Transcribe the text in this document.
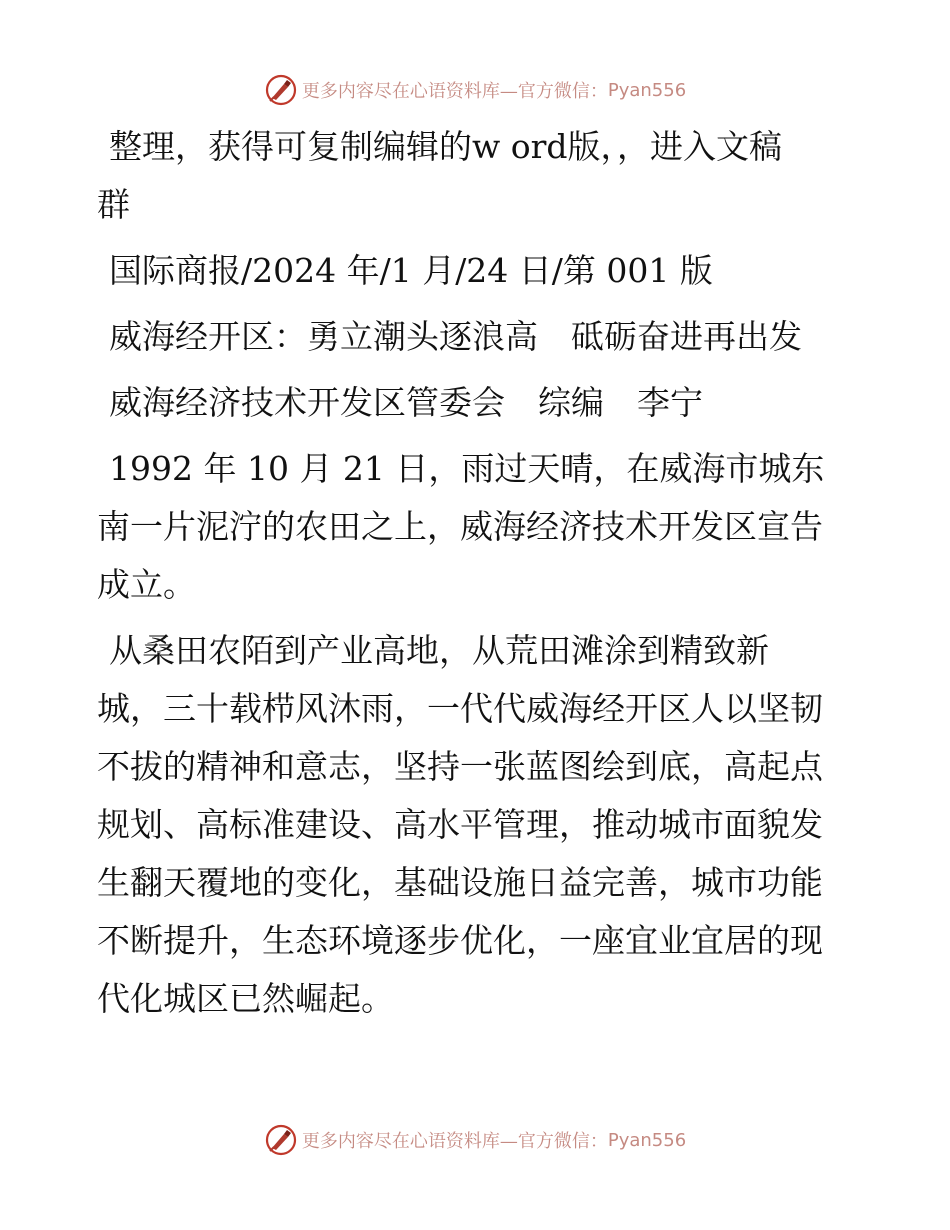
更多内容尽在心语资料库—官方微信： Pyan556

整理，获得可复制编辑的w ord版，，进入文稿
群

国际商报/2024 年/1 月/24 日/第 001 版

威海经开区：勇立潮头逐浪高　砥砺奋进再出发

威海经济技术开发区管委会　综编　李宁

1992 年 10 月 21 日，雨过天晴，在威海市城东
南一片泥泞的农田之上，威海经济技术开发区宣告
成立。

从桑田农陌到产业高地，从荒田滩涂到精致新
城，三十载栉风沐雨，一代代威海经开区人以坚韧
不拔的精神和意志，坚持一张蓝图绘到底，高起点
规划、高标准建设、高水平管理，推动城市面貌发
生翻天覆地的变化，基础设施日益完善，城市功能
不断提升，生态环境逐步优化，一座宜业宜居的现
代化城区已然崛起。

更多内容尽在心语资料库—官方微信： Pyan556
